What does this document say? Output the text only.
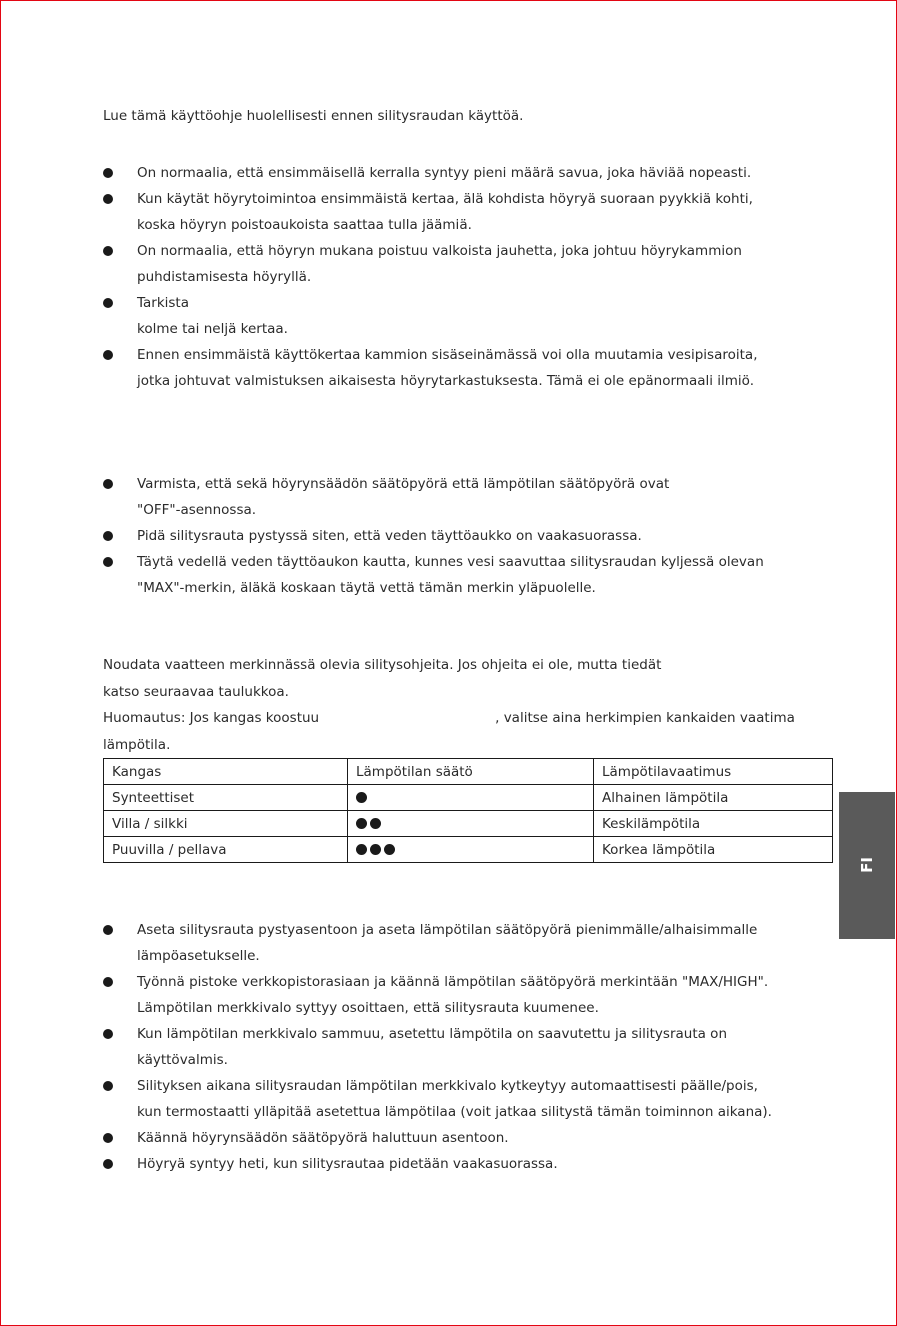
Lue tämä käyttöohje huolellisesti ennen silitysraudan käyttöä.

On normaalia, että ensimmäisellä kerralla syntyy pieni määrä savua, joka häviää nopeasti.
Kun käytät höyrytoimintoa ensimmäistä kertaa, älä kohdista höyryä suoraan pyykkiä kohti,
koska höyryn poistoaukoista saattaa tulla jäämiä.
On normaalia, että höyryn mukana poistuu valkoista jauhetta, joka johtuu höyrykammion
puhdistamisesta höyryllä.
Tarkista
kolme tai neljä kertaa.
Ennen ensimmäistä käyttökertaa kammion sisäseinämässä voi olla muutamia vesipisaroita,
jotka johtuvat valmistuksen aikaisesta höyrytarkastuksesta. Tämä ei ole epänormaali ilmiö.
Varmista, että sekä höyrynsäädön säätöpyörä että lämpötilan säätöpyörä ovat
"OFF"-asennossa.
Pidä silitysrauta pystyssä siten, että veden täyttöaukko on vaakasuorassa.
Täytä vedellä veden täyttöaukon kautta, kunnes vesi saavuttaa silitysraudan kyljessä olevan
"MAX"-merkin, äläkä koskaan täytä vettä tämän merkin yläpuolelle.

Noudata vaatteen merkinnässä olevia silitysohjeita. Jos ohjeita ei ole, mutta tiedät

katso seuraavaa taulukkoa.

Huomautus: Jos kangas koostuu	, valitse aina herkimpien kankaiden vaatima

lämpötila.

Kangas	Lämpötilan säätö	Lämpötilavaatimus
Synteettiset		Alhainen lämpötila
Villa / silkki		Keskilämpötila
Puuvilla / pellava		Korkea lämpötila
Aseta silitysrauta pystyasentoon ja aseta lämpötilan säätöpyörä pienimmälle/alhaisimmalle
lämpöasetukselle.
Työnnä pistoke verkkopistorasiaan ja käännä lämpötilan säätöpyörä merkintään "MAX/HIGH".
Lämpötilan merkkivalo syttyy osoittaen, että silitysrauta kuumenee.
Kun lämpötilan merkkivalo sammuu, asetettu lämpötila on saavutettu ja silitysrauta on
käyttövalmis.
Silityksen aikana silitysraudan lämpötilan merkkivalo kytkeytyy automaattisesti päälle/pois,
kun termostaatti ylläpitää asetettua lämpötilaa (voit jatkaa silitystä tämän toiminnon aikana).
Käännä höyrynsäädön säätöpyörä haluttuun asentoon.
Höyryä syntyy heti, kun silitysrautaa pidetään vaakasuorassa.
FI
